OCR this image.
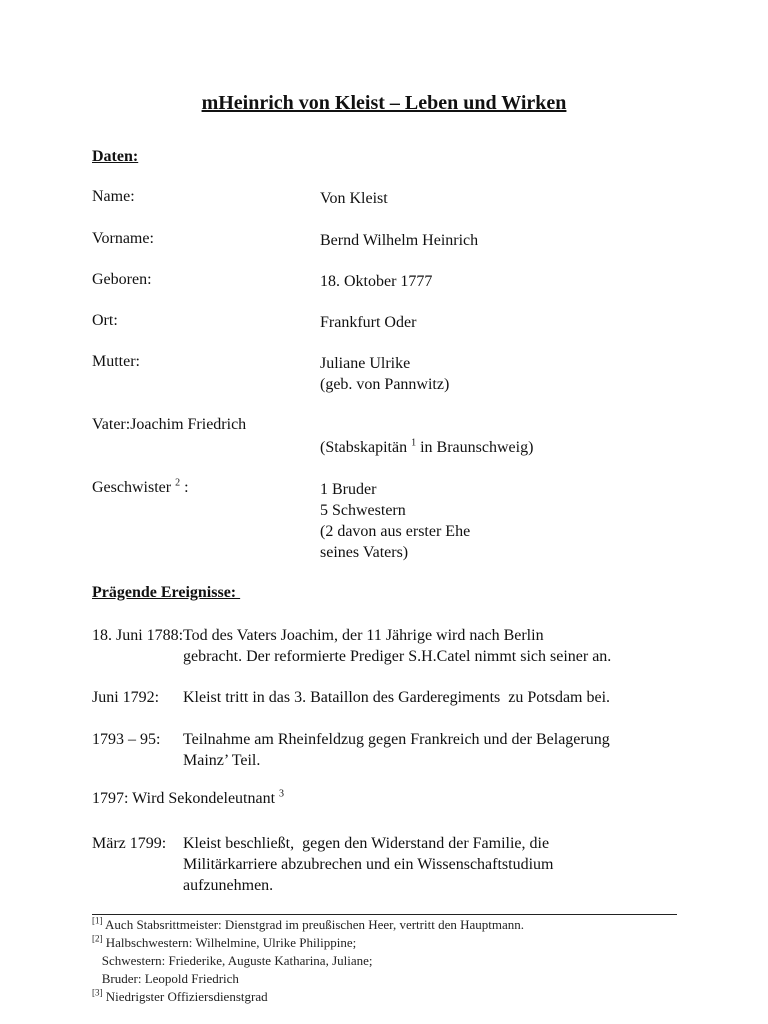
mHeinrich von Kleist – Leben und Wirken
Daten:
Name:	Von Kleist
Vorname:	Bernd Wilhelm Heinrich
Geboren:	18. Oktober 1777
Ort:	Frankfurt Oder
Mutter:	Juliane Ulrike
(geb. von Pannwitz)
Vater:Joachim Friedrich
(Stabskapitän $^1$ in Braunschweig)
Geschwister $^2$ :	1 Bruder
5 Schwestern
(2 davon aus erster Ehe
seines Vaters)
Prägende Ereignisse:
18. Juni 1788: Tod des Vaters Joachim, der 11 Jährige wird nach Berlin
gebracht. Der reformierte Prediger S.H.Catel nimmt sich seiner an.
Juni 1792: Kleist tritt in das 3. Bataillon des Garderegiments  zu Potsdam bei.
1793 – 95: Teilnahme am Rheinfeldzug gegen Frankreich und der Belagerung
Mainz’ Teil.
1797: Wird Sekondeleutnant $^3$
März 1799: Kleist beschließt,  gegen den Widerstand der Familie, die
Militärkarriere abzubrechen und ein Wissenschaftstudium
aufzunehmen.
[1] Auch Stabsrittmeister: Dienstgrad im preußischen Heer, vertritt den Hauptmann.
[2] Halbschwestern: Wilhelmine, Ulrike Philippine;
Schwestern: Friederike, Auguste Katharina, Juliane;
Bruder: Leopold Friedrich
[3] Niedrigster Offiziersdienstgrad
